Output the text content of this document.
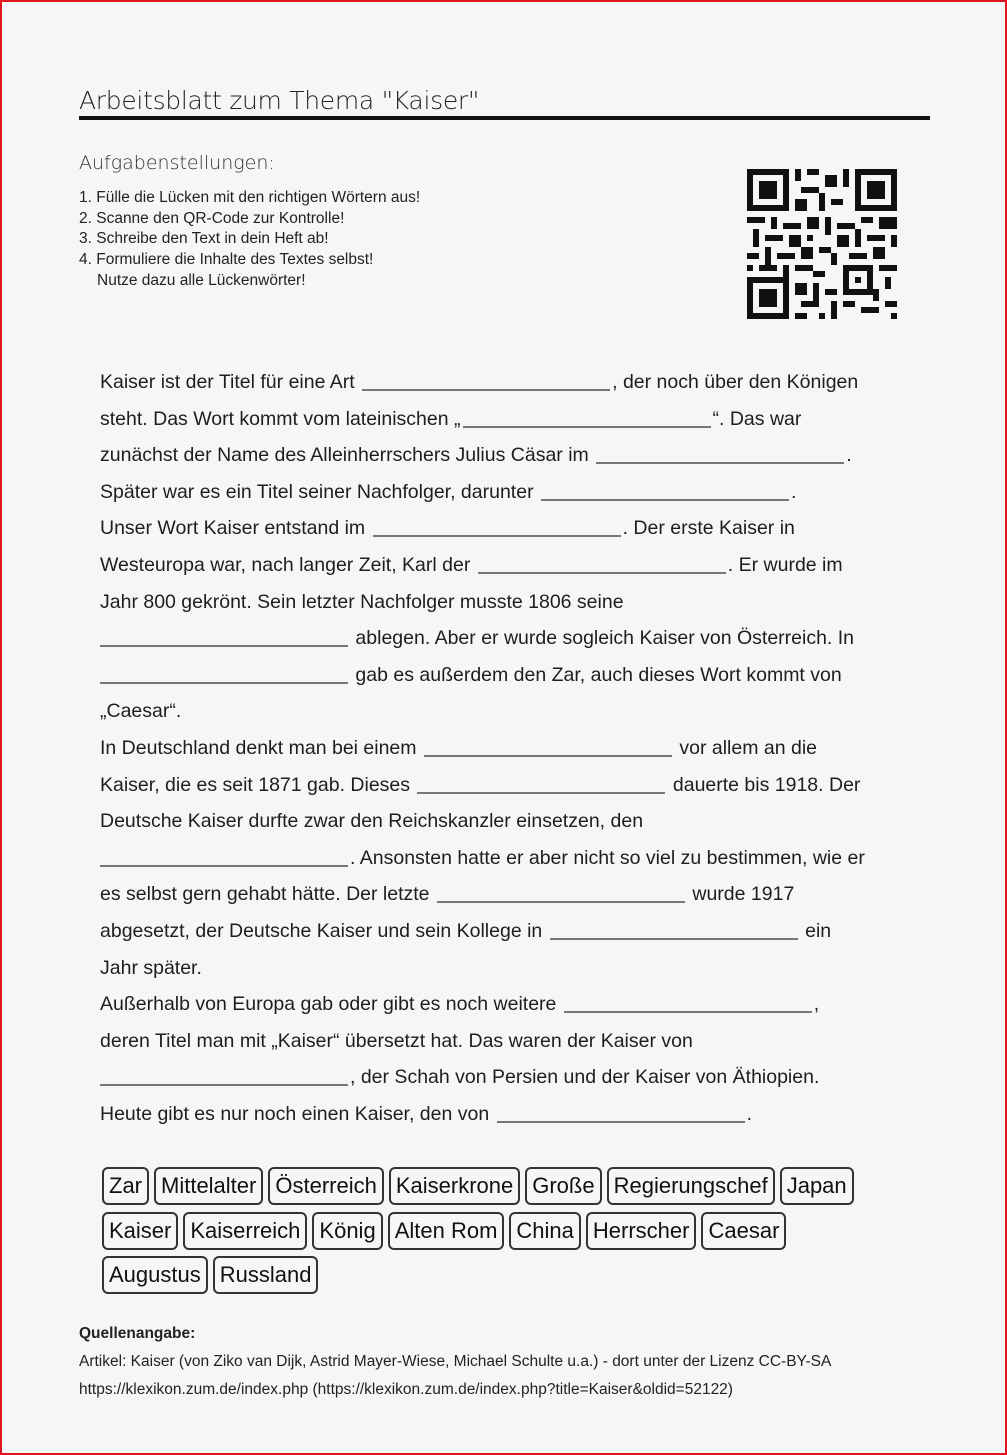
Arbeitsblatt zum Thema "Kaiser"
Aufgabenstellungen:
1. Fülle die Lücken mit den richtigen Wörtern aus!
2. Scanne den QR-Code zur Kontrolle!
3. Schreibe den Text in dein Heft ab!
4. Formuliere die Inhalte des Textes selbst!
Nutze dazu alle Lückenwörter!
Kaiser ist der Titel für eine Art	, der noch über den Königen
steht. Das Wort kommt vom lateinischen „	“. Das war
zunächst der Name des Alleinherrschers Julius Cäsar im	.
Später war es ein Titel seiner Nachfolger, darunter	.
Unser Wort Kaiser entstand im	. Der erste Kaiser in
Westeuropa war, nach langer Zeit, Karl der	. Er wurde im
Jahr 800 gekrönt. Sein letzter Nachfolger musste 1806 seine
ablegen. Aber er wurde sogleich Kaiser von Österreich. In
gab es außerdem den Zar, auch dieses Wort kommt von
„Caesar“.
In Deutschland denkt man bei einem	vor allem an die
Kaiser, die es seit 1871 gab. Dieses	dauerte bis 1918. Der
Deutsche Kaiser durfte zwar den Reichskanzler einsetzen, den
. Ansonsten hatte er aber nicht so viel zu bestimmen, wie er
es selbst gern gehabt hätte. Der letzte	wurde 1917
abgesetzt, der Deutsche Kaiser und sein Kollege in	ein
Jahr später.
Außerhalb von Europa gab oder gibt es noch weitere	,
deren Titel man mit „Kaiser“ übersetzt hat. Das waren der Kaiser von
, der Schah von Persien und der Kaiser von Äthiopien.
Heute gibt es nur noch einen Kaiser, den von	.
Zar Mittelalter Österreich Kaiserkrone Große Regierungschef Japan
Kaiser Kaiserreich König Alten Rom China Herrscher Caesar
Augustus Russland
Quellenangabe:
Artikel: Kaiser (von Ziko van Dijk, Astrid Mayer-Wiese, Michael Schulte u.a.) - dort unter der Lizenz CC-BY-SA
https://klexikon.zum.de/index.php (https://klexikon.zum.de/index.php?title=Kaiser&oldid=52122)
